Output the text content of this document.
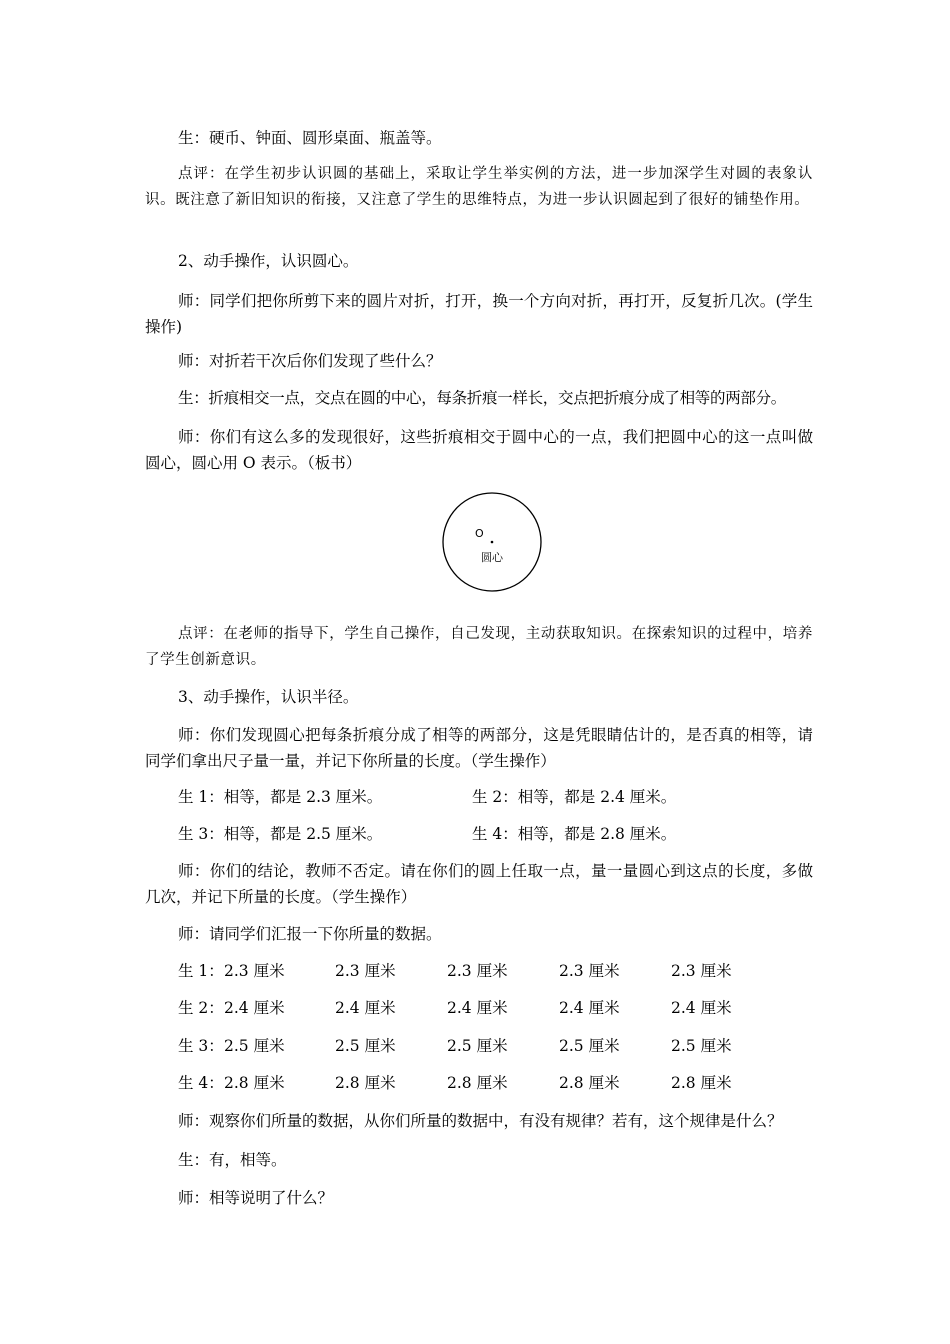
生：硬币、钟面、圆形桌面、瓶盖等。

点评：在学生初步认识圆的基础上，采取让学生举实例的方法，进一步加深学生对圆的表象认识。既注意了新旧知识的衔接，又注意了学生的思维特点，为进一步认识圆起到了很好的铺垫作用。

2、动手操作，认识圆心。

师：同学们把你所剪下来的圆片对折，打开，换一个方向对折，再打开，反复折几次。(学生操作)

师：对折若干次后你们发现了些什么？

生：折痕相交一点，交点在圆的中心，每条折痕一样长，交点把折痕分成了相等的两部分。

师：你们有这么多的发现很好，这些折痕相交于圆中心的一点，我们把圆中心的这一点叫做圆心，圆心用 O 表示。（板书）

O
圆心

点评：在老师的指导下，学生自己操作，自己发现，主动获取知识。在探索知识的过程中，培养了学生创新意识。

3、动手操作，认识半径。

师：你们发现圆心把每条折痕分成了相等的两部分，这是凭眼睛估计的，是否真的相等，请同学们拿出尺子量一量，并记下你所量的长度。（学生操作）

生 1：相等，都是 2.3 厘米。	生 2：相等，都是 2.4 厘米。

生 3：相等，都是 2.5 厘米。	生 4：相等，都是 2.8 厘米。

师：你们的结论，教师不否定。请在你们的圆上任取一点，量一量圆心到这点的长度，多做几次，并记下所量的长度。（学生操作）

师：请同学们汇报一下你所量的数据。

生 1： 2.3 厘米	2.3 厘米	2.3 厘米	2.3 厘米	2.3 厘米
生 2： 2.4 厘米	2.4 厘米	2.4 厘米	2.4 厘米	2.4 厘米
生 3： 2.5 厘米	2.5 厘米	2.5 厘米	2.5 厘米	2.5 厘米
生 4： 2.8 厘米	2.8 厘米	2.8 厘米	2.8 厘米	2.8 厘米

师：观察你们所量的数据，从你们所量的数据中，有没有规律？若有，这个规律是什么？

生：有，相等。

师：相等说明了什么？
